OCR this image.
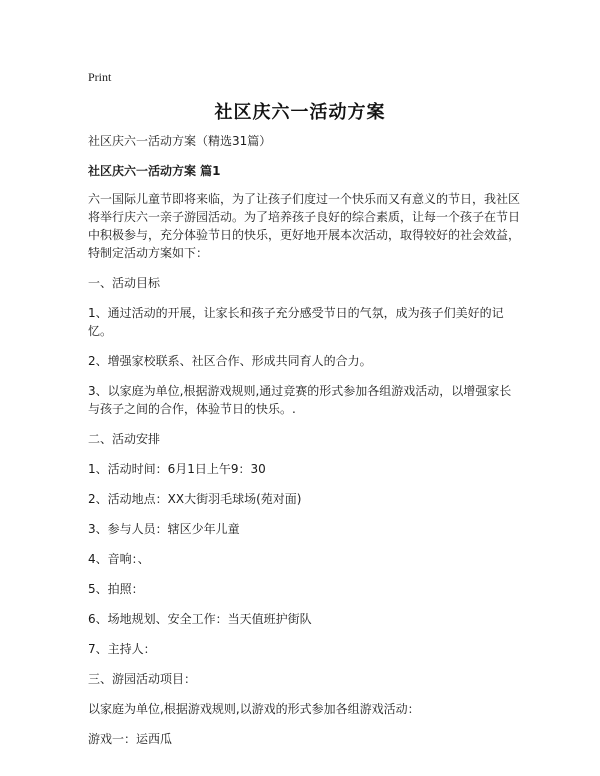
Print
社区庆六一活动方案

社区庆六一活动方案（精选31篇）

社区庆六一活动方案 篇1

六一国际儿童节即将来临，为了让孩子们度过一个快乐而又有意义的节日，我社区将举行庆六一亲子游园活动。为了培养孩子良好的综合素质，让每一个孩子在节日中积极参与，充分体验节日的快乐，更好地开展本次活动，取得较好的社会效益，特制定活动方案如下：

一、活动目标

1、通过活动的开展，让家长和孩子充分感受节日的气氛，成为孩子们美好的记忆。

2、增强家校联系、社区合作、形成共同育人的合力。

3、以家庭为单位,根据游戏规则,通过竞赛的形式参加各组游戏活动，以增强家长与孩子之间的合作，体验节日的快乐。.

二、活动安排

1、活动时间：6月1日上午9：30

2、活动地点：XX大街羽毛球场(苑对面)

3、参与人员：辖区少年儿童

4、音响：、

5、拍照：

6、场地规划、安全工作：当天值班护街队

7、主持人：

三、游园活动项目：

以家庭为单位,根据游戏规则,以游戏的形式参加各组游戏活动：

游戏一：运西瓜
